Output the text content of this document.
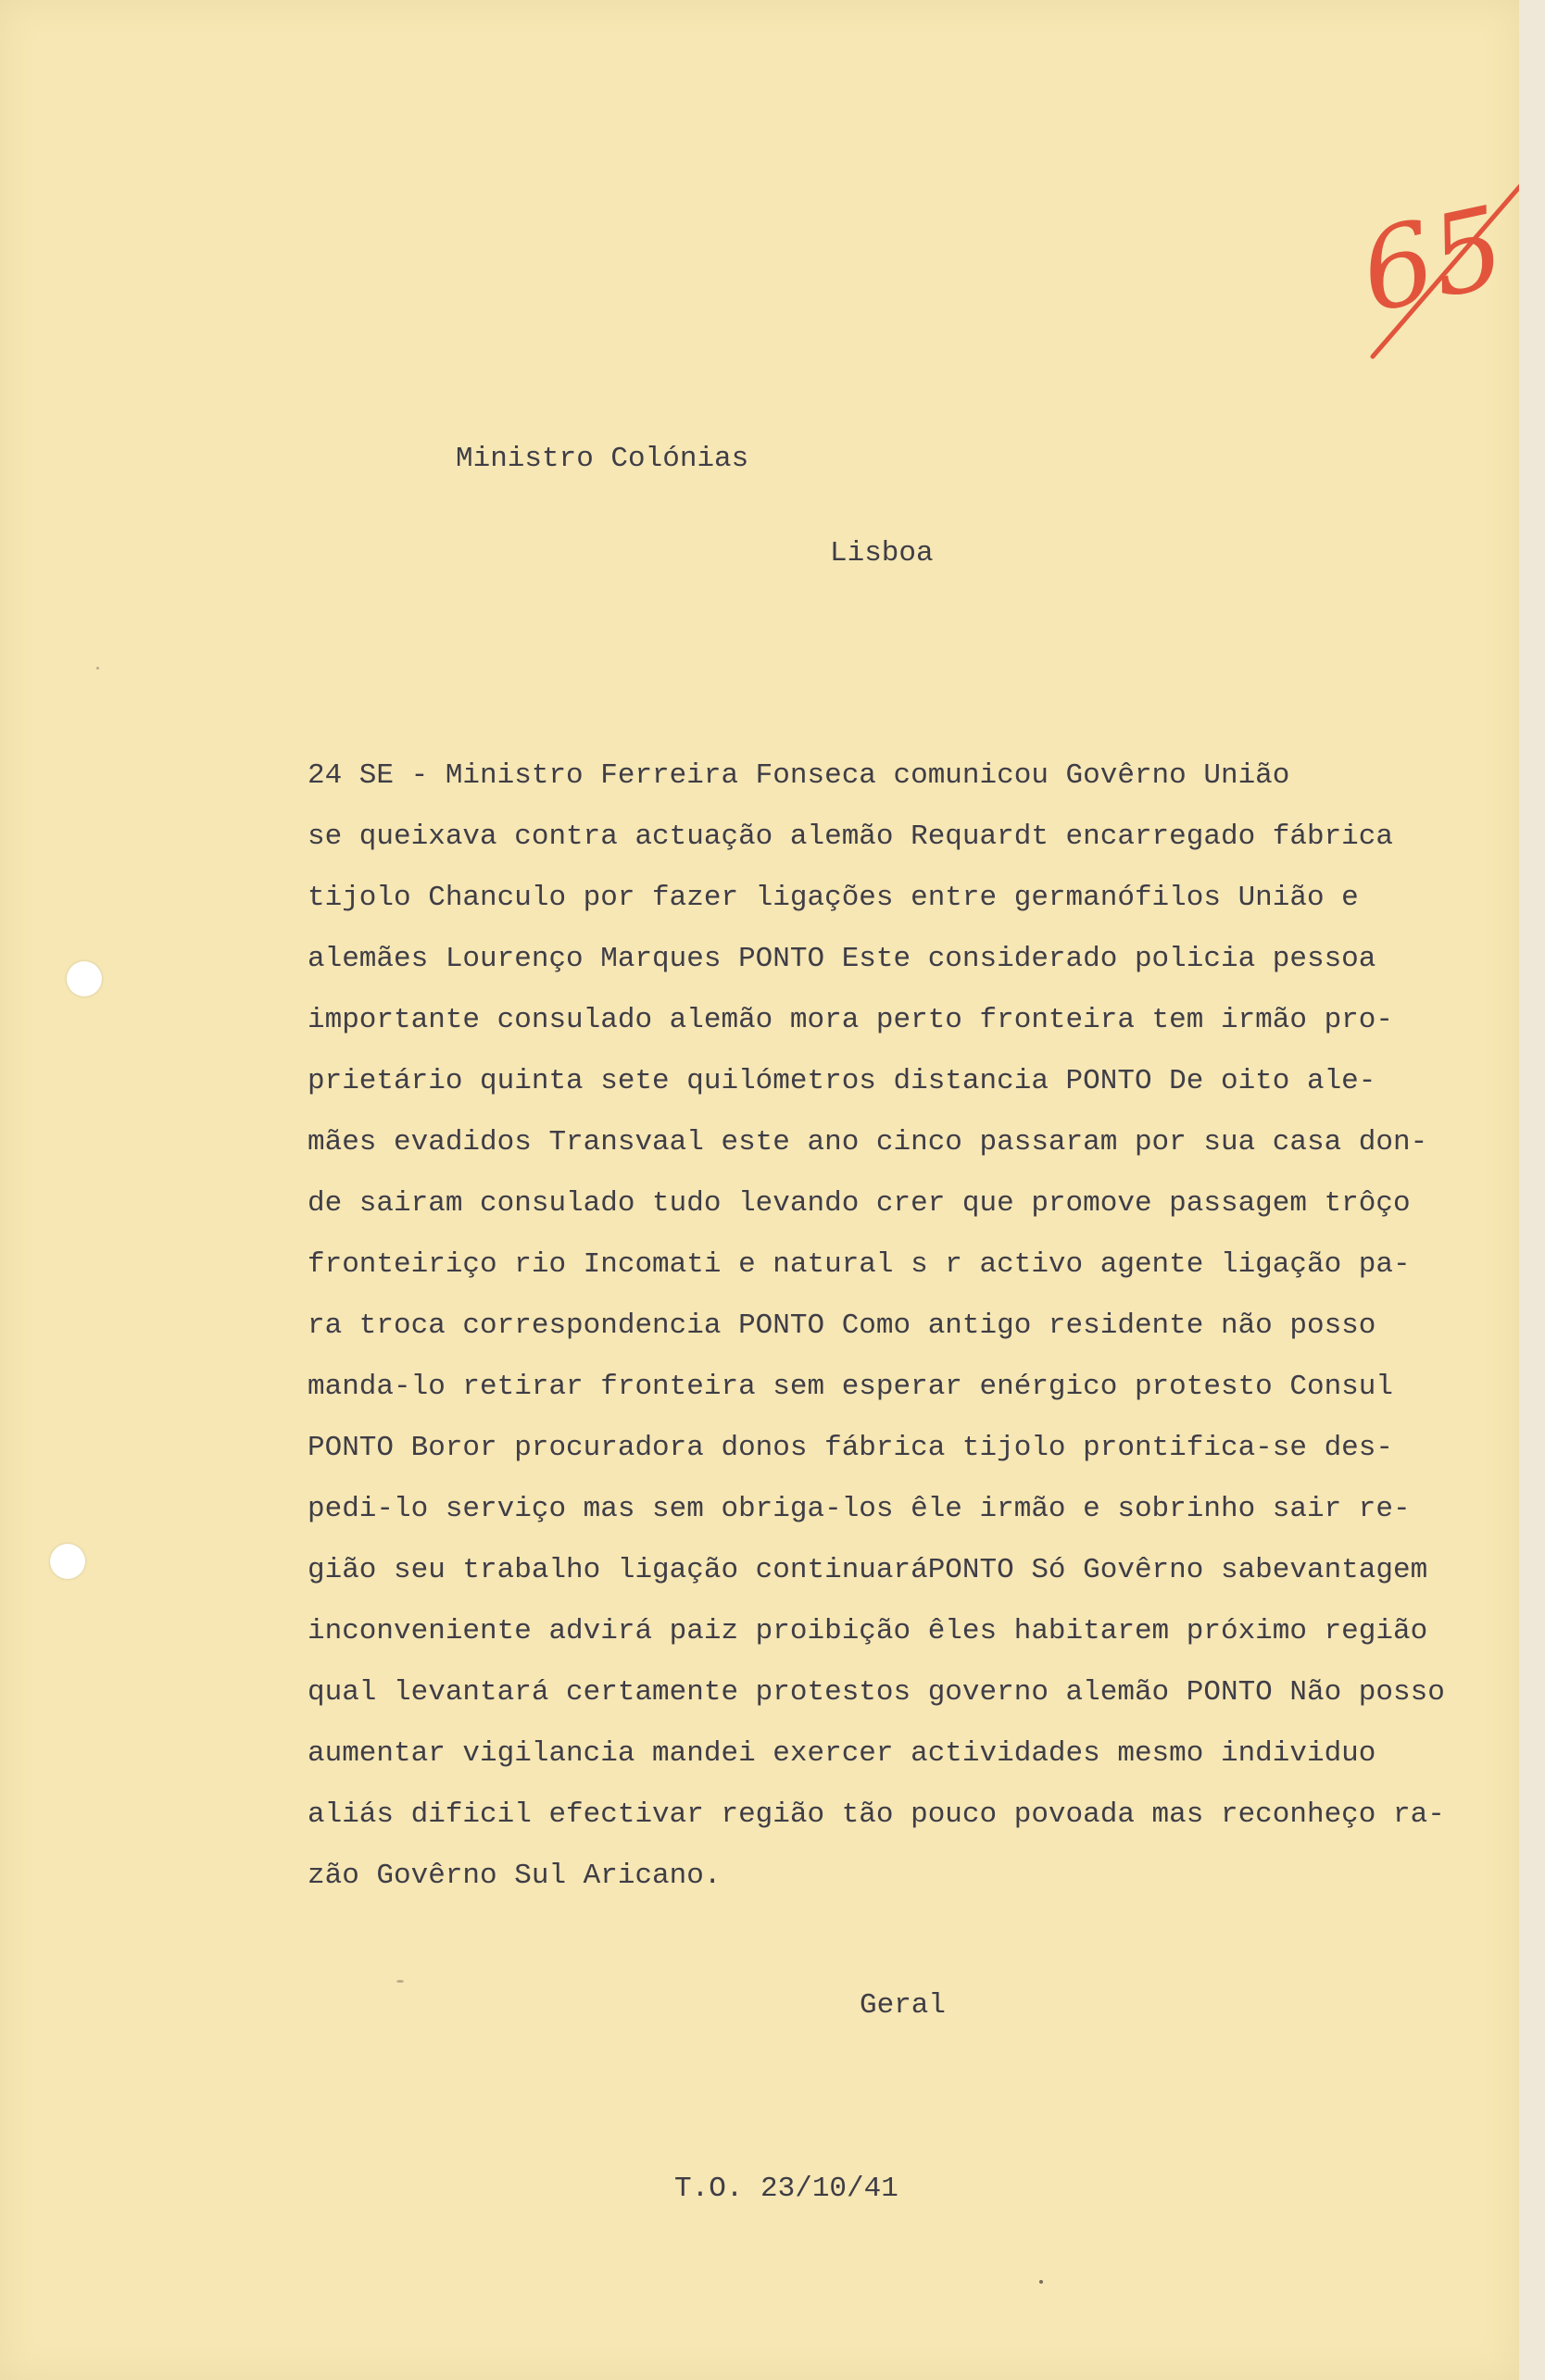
65
Ministro Colónias
Lisboa
24 SE - Ministro Ferreira Fonseca comunicou Govêrno União
se queixava contra actuação alemão Requardt encarregado fábrica
tijolo Chanculo por fazer ligações entre germanófilos União e
alemães Lourenço Marques PONTO Este considerado policia pessoa
importante consulado alemão mora perto fronteira tem irmão pro-
prietário quinta sete quilómetros distancia PONTO De oito ale-
mães evadidos Transvaal este ano cinco passaram por sua casa don-
de sairam consulado tudo levando crer que promove passagem trôço
fronteiriço rio Incomati e natural s r activo agente ligação pa-
ra troca correspondencia PONTO Como antigo residente não posso
manda-lo retirar fronteira sem esperar enérgico protesto Consul
PONTO Boror procuradora donos fábrica tijolo prontifica-se des-
pedi-lo serviço mas sem obriga-los êle irmão e sobrinho sair re-
gião seu trabalho ligação continuaráPONTO Só Govêrno sabevantagem
inconveniente advirá paiz proibição êles habitarem próximo região
qual levantará certamente protestos governo alemão PONTO Não posso
aumentar vigilancia mandei exercer actividades mesmo individuo
aliás dificil efectivar região tão pouco povoada mas reconheço ra-
zão Govêrno Sul Aricano.
Geral
T.O. 23/10/41
